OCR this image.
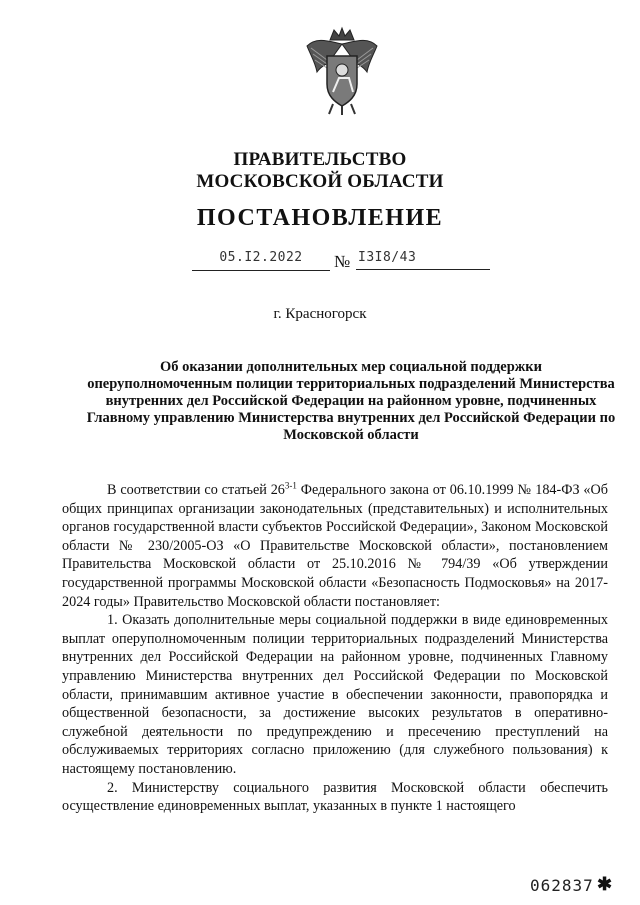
ПРАВИТЕЛЬСТВО
МОСКОВСКОЙ ОБЛАСТИ
ПОСТАНОВЛЕНИЕ
05.I2.2022	№ I3I8/43
г. Красногорск
Об оказании дополнительных мер социальной поддержки оперуполномоченным полиции территориальных подразделений Министерства внутренних дел Российской Федерации на районном уровне, подчиненных Главному управлению Министерства внутренних дел Российской Федерации по Московской области

В соответствии со статьей 26$^{3-1}$ Федерального закона от 06.10.1999 № 184-ФЗ «Об общих принципах организации законодательных (представительных) и исполнительных органов государственной власти субъектов Российской Федерации», Законом Московской области № 230/2005-ОЗ «О Правительстве Московской области», постановлением Правительства Московской области от 25.10.2016 № 794/39 «Об утверждении государственной программы Московской области «Безопасность Подмосковья» на 2017-2024 годы» Правительство Московской области постановляет:

1. Оказать дополнительные меры социальной поддержки в виде единовременных выплат оперуполномоченным полиции территориальных подразделений Министерства внутренних дел Российской Федерации на районном уровне, подчиненных Главному управлению Министерства внутренних дел Российской Федерации по Московской области, принимавшим активное участие в обеспечении законности, правопорядка и общественной безопасности, за достижение высоких результатов в оперативно-служебной деятельности по предупреждению и пресечению преступлений на обслуживаемых территориях согласно приложению (для служебного пользования) к настоящему постановлению.

2. Министерству социального развития Московской области обеспечить осуществление единовременных выплат, указанных в пункте 1 настоящего

062837 ✱
